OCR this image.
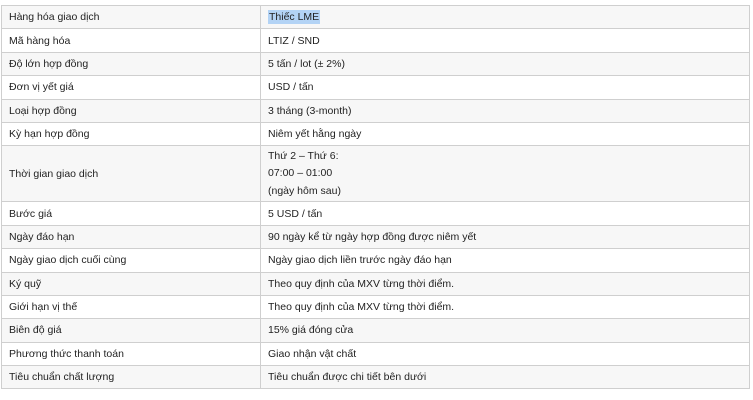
Hàng hóa giao dịch	Thiếc LME
Mã hàng hóa	LTIZ / SND
Độ lớn hợp đồng	5 tấn / lot (± 2%)
Đơn vị yết giá	USD / tấn
Loại hợp đồng	3 tháng (3-month)
Kỳ hạn hợp đồng	Niêm yết hằng ngày
Thời gian giao dịch	Thứ 2 – Thứ 6:
07:00 – 01:00
(ngày hôm sau)

Bước giá	5 USD / tấn
Ngày đáo hạn	90 ngày kể từ ngày hợp đồng được niêm yết
Ngày giao dịch cuối cùng	Ngày giao dịch liền trước ngày đáo hạn
Ký quỹ	Theo quy định của MXV từng thời điểm.
Giới hạn vị thế	Theo quy định của MXV từng thời điểm.
Biên độ giá	15% giá đóng cửa
Phương thức thanh toán	Giao nhận vật chất
Tiêu chuẩn chất lượng	Tiêu chuẩn được chi tiết bên dưới
